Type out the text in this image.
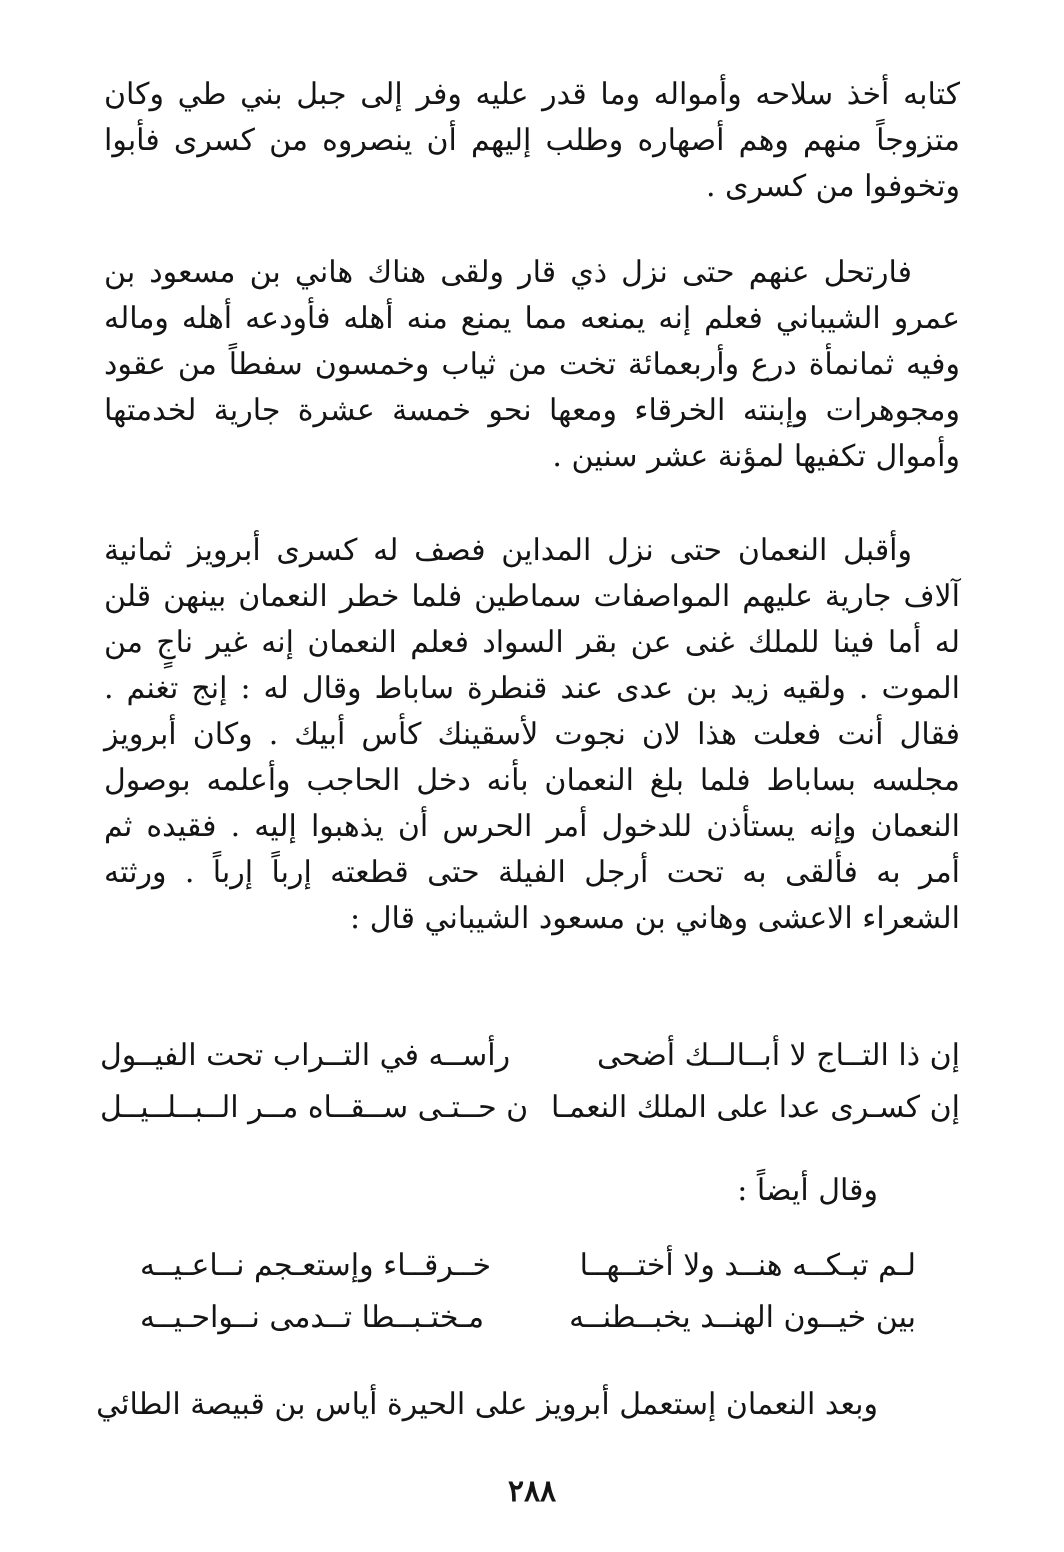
كتابه أخذ سلاحه وأمواله وما قدر عليه وفر إلى جبل بني طي وكان متزوجاً منهم وهم أصهاره وطلب إليهم أن ينصروه من كسرى فأبوا وتخوفوا من كسرى .

فارتحل عنهم حتى نزل ذي قار ولقى هناك هاني بن مسعود بن عمرو الشيباني فعلم إنه يمنعه مما يمنع منه أهله فأودعه أهله وماله وفيه ثمانمأة درع وأربعمائة تخت من ثياب وخمسون سفطاً من عقود ومجوهرات وإبنته الخرقاء ومعها نحو خمسة عشرة جارية لخدمتها وأموال تكفيها لمؤنة عشر سنين .

وأقبل النعمان حتى نزل المداين فصف له كسرى أبرويز ثمانية آلاف جارية عليهم المواصفات سماطين فلما خطر النعمان بينهن قلن له أما فينا للملك غنى عن بقر السواد فعلم النعمان إنه غير ناجٍ من الموت . ولقيه زيد بن عدى عند قنطرة ساباط وقال له : إنج تغنم . فقال أنت فعلت هذا لان نجوت لأسقينك كأس أبيك . وكان أبرويز مجلسه بساباط فلما بلغ النعمان بأنه دخل الحاجب وأعلمه بوصول النعمان وإنه يستأذن للدخول أمر الحرس أن يذهبوا إليه . فقيده ثم أمر به فألقى به تحت أرجل الفيلة حتى قطعته إرباً إرباً . ورثته الشعراء الاعشى وهاني بن مسعود الشيباني قال :

إن ذا التــاج لا أبــالــك أضحى
رأســه في التــراب تحت الفيــول
إن كسـرى عدا على الملك النعمـا
ن حــتـى ســقــاه مــر الــبــلــيــل
وقال أيضاً :
لـم تبـكــه هنــد ولا أختــهــا
خــرقــاء وإستعـجم نــاعـيــه
بين خيــون الهنــد يخبــطنــه
مـختـبــطا تــدمى نــواحـيــه
وبعد النعمان إستعمل أبرويز على الحيرة أياس بن قبيصة الطائي
٢٨٨
